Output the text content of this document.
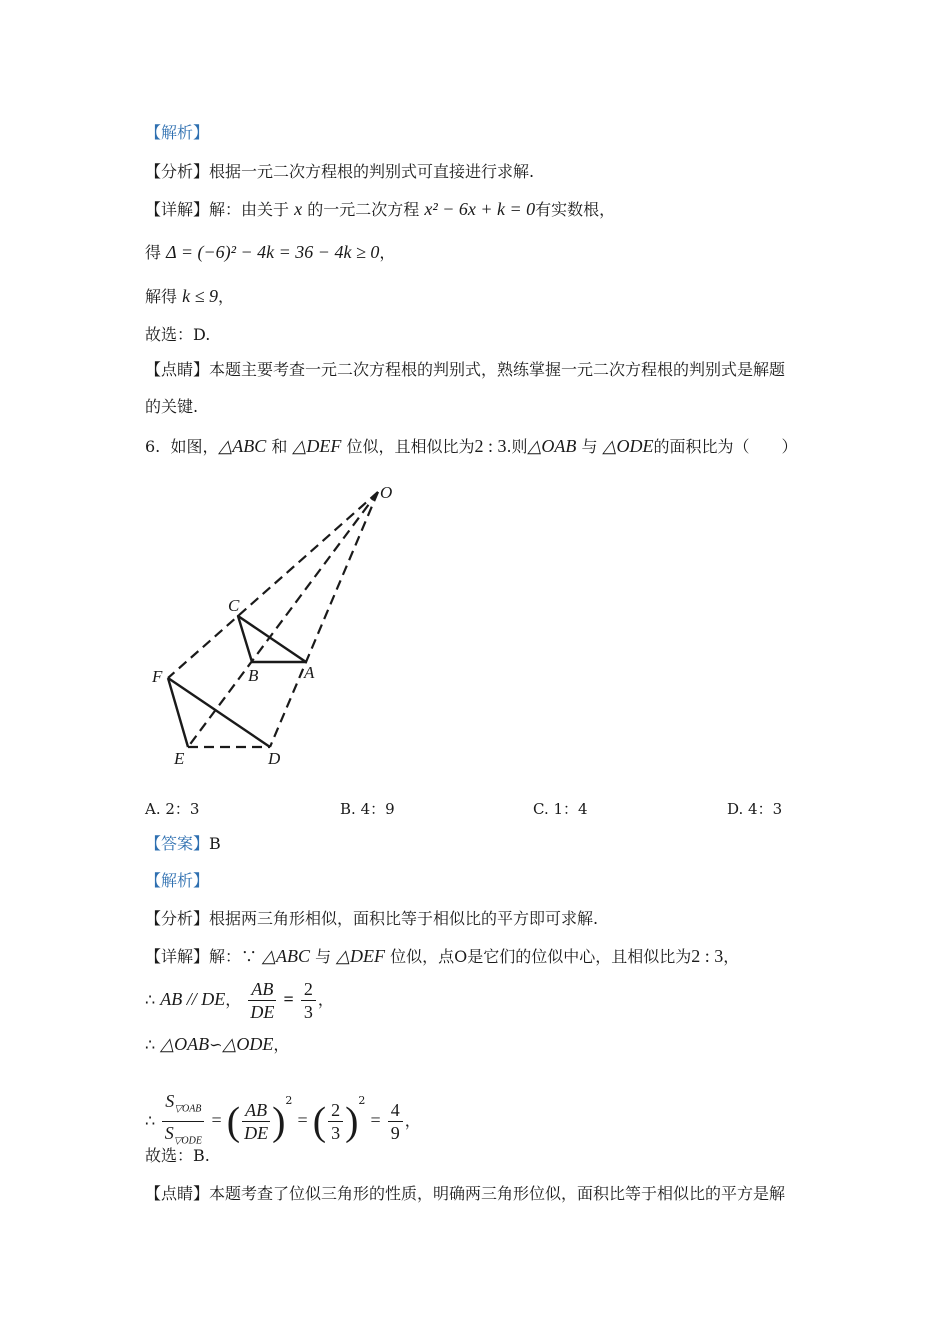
【解析】
【分析】根据一元二次方程根的判别式可直接进行求解.
【详解】解：由关于 x 的一元二次方程 x² − 6x + k = 0有实数根，
得 Δ = (−6)² − 4k = 36 − 4k ≥ 0，
解得 k ≤ 9，
故选：D.
【点睛】本题主要考查一元二次方程根的判别式，熟练掌握一元二次方程根的判别式是解题
的关键.
6. 如图，△ABC 和 △DEF 位似，且相似比为2 : 3.则△OAB 与 △ODE的面积比为（　　）
O
C
B	A
F
E	D
A. 2：3	B. 4：9	C. 1：4	D. 4：3
【答案】B
【解析】
【分析】根据两三角形相似，面积比等于相似比的平方即可求解.
【详解】解：∵ △ABC 与 △DEF 位似，点O是它们的位似中心，且相似比为2 : 3，
∴ AB // DE， $\frac{AB}{DE} = \frac{2}{3}$ ，
∴ △OAB∽△ODE，
∴ $\frac{S_{▽OAB}}{S_{▽ODE}}$ = ( $\frac{AB}{DE} )^2$ = ( $\frac{2}{3} )^2 = \frac{4}{9}$ ，
故选：B.
【点睛】本题考查了位似三角形的性质，明确两三角形位似，面积比等于相似比的平方是解
